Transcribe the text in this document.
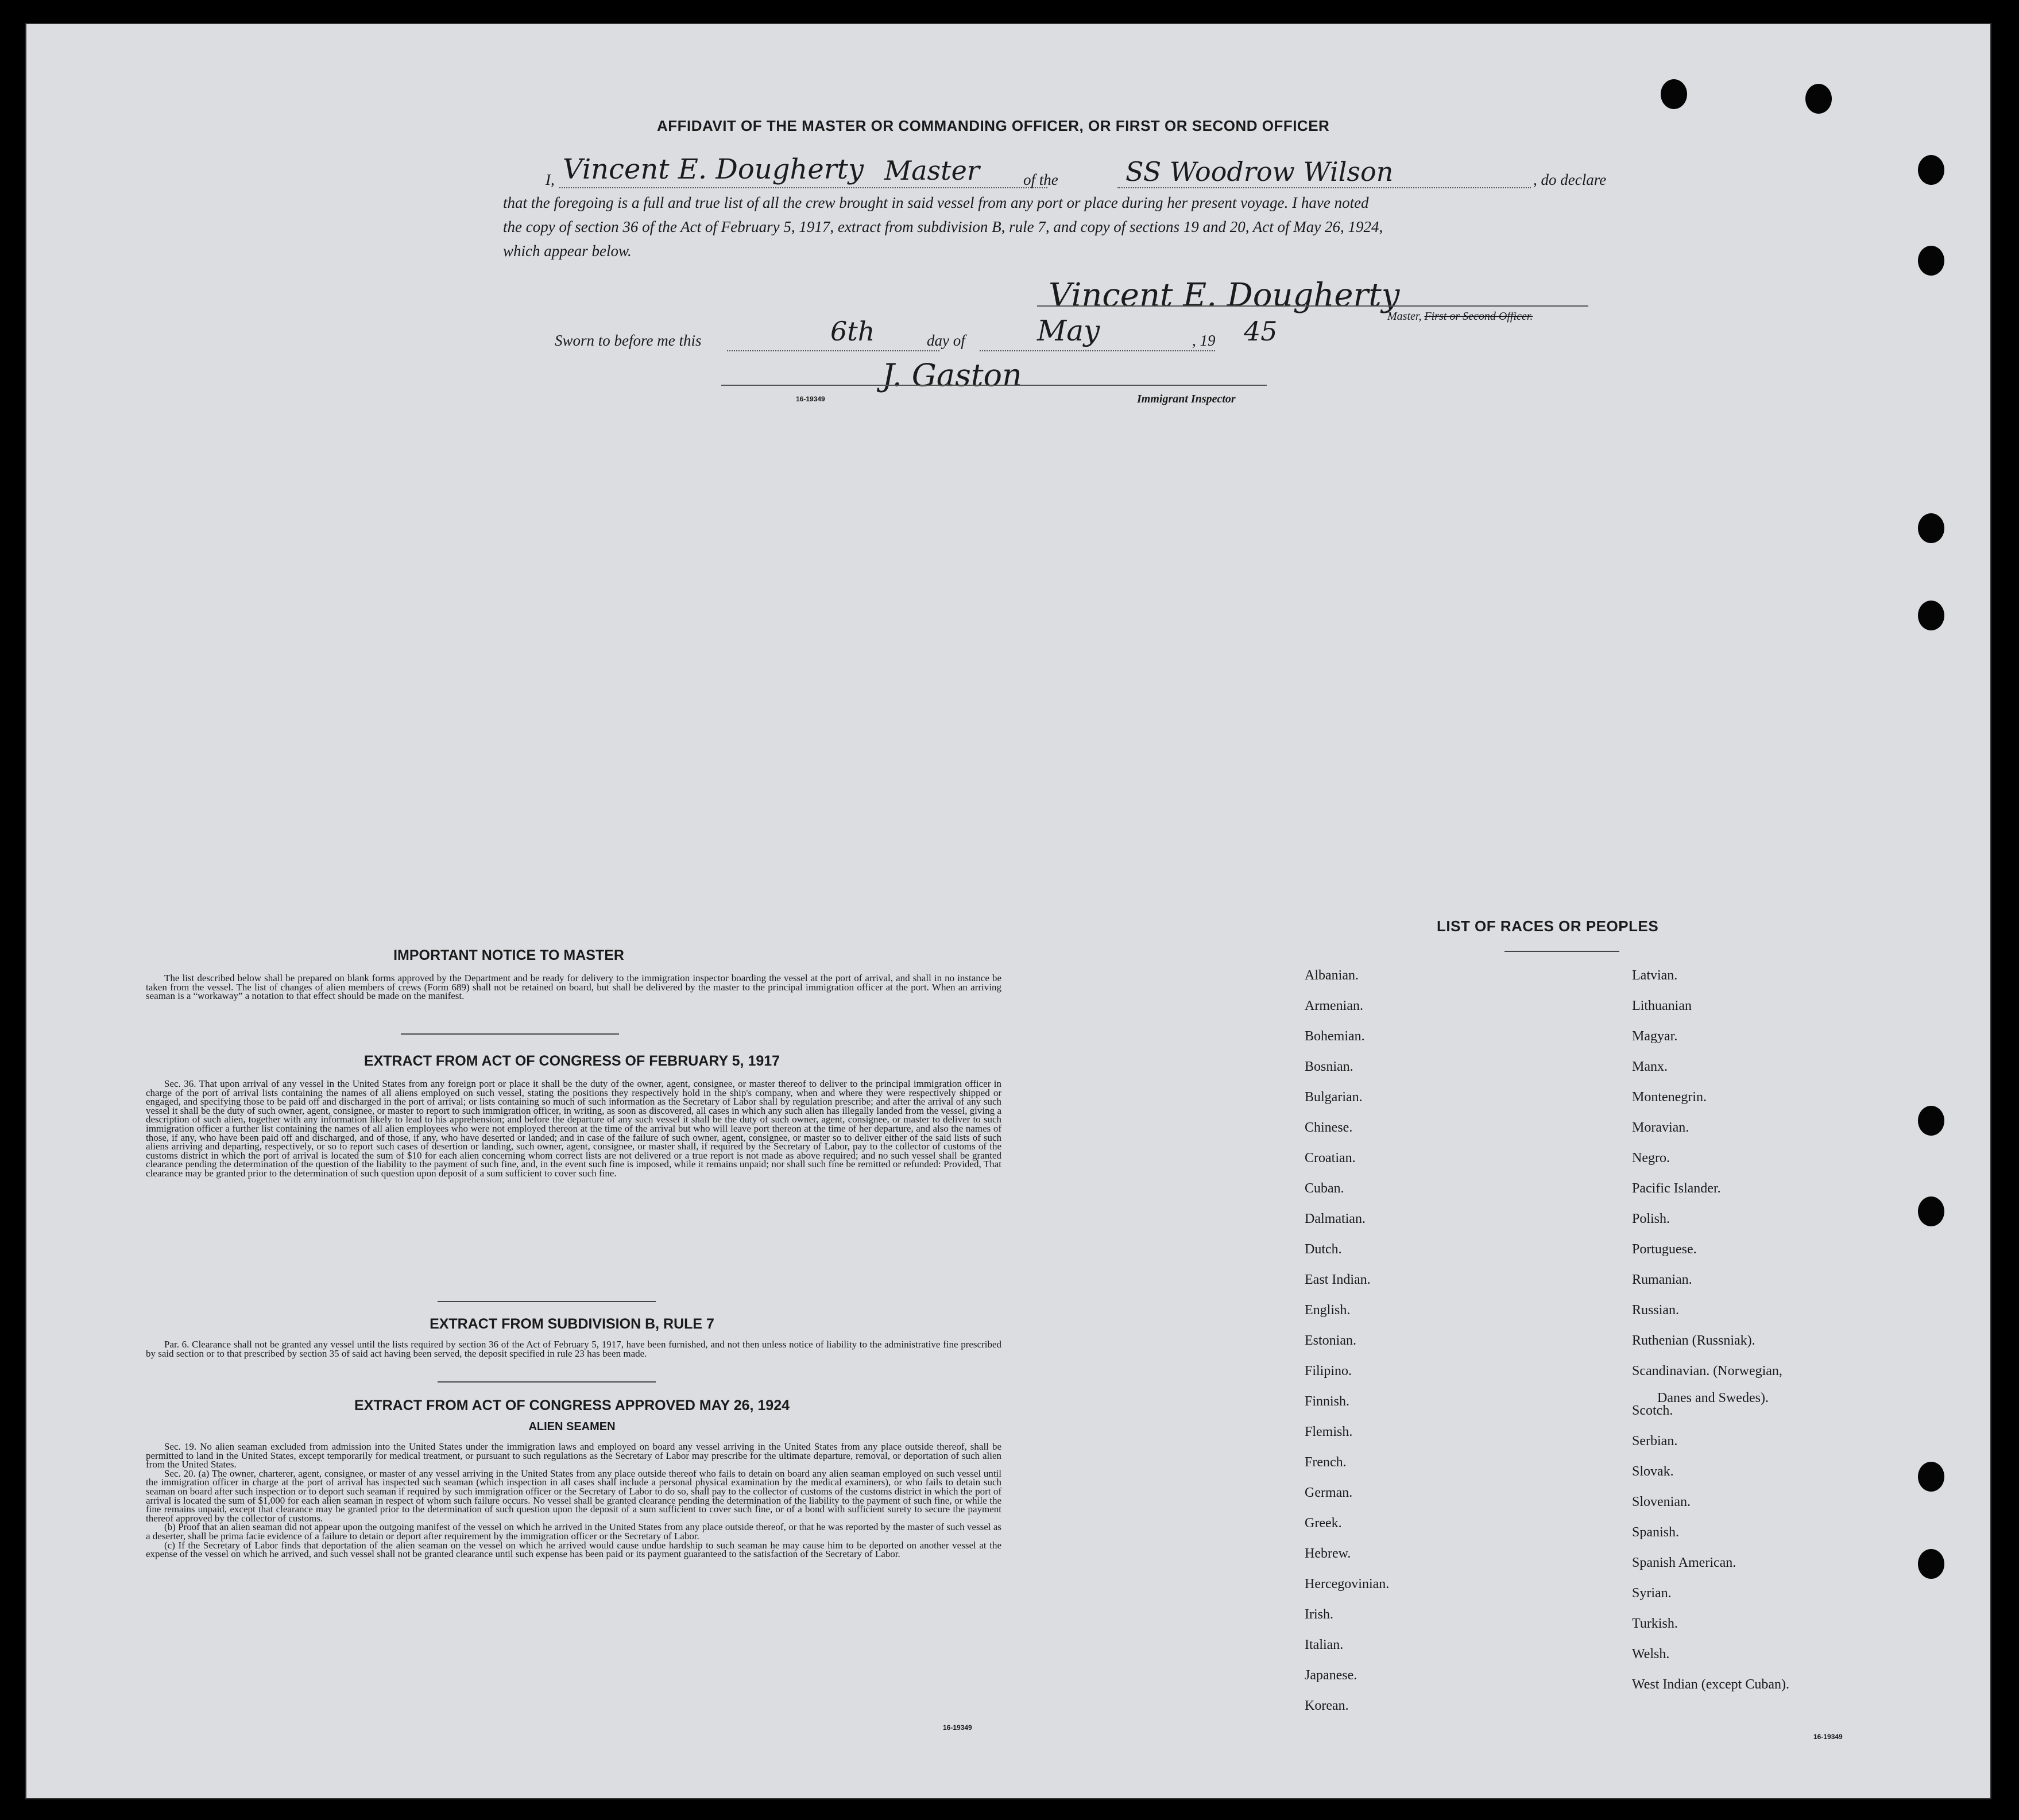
AFFIDAVIT OF THE MASTER OR COMMANDING OFFICER, OR FIRST OR SECOND OFFICER
I, Vincent E. Dougherty Master	of the	SS Woodrow Wilson	, do declare
that the foregoing is a full and true list of all the crew brought in said vessel from any port or place during her present voyage. I have noted
the copy of section 36 of the Act of February 5, 1917, extract from subdivision B, rule 7, and copy of sections 19 and 20, Act of May 26, 1924,
which appear below.
Vincent E. Dougherty
Master, First or Second Officer.
Sworn to before me this	6th	day of	May	, 19 45
J. Gaston
16-19349	Immigrant Inspector
IMPORTANT NOTICE TO MASTER

The list described below shall be prepared on blank forms approved by the Department and be ready for delivery to the immigration inspector boarding the vessel at the port of arrival, and shall in no instance be taken from the vessel. The list of changes of alien members of crews (Form 689) shall not be retained on board, but shall be delivered by the master to the principal immigration officer at the port. When an arriving seaman is a “workaway” a notation to that effect should be made on the manifest.

EXTRACT FROM ACT OF CONGRESS OF FEBRUARY 5, 1917

Sec. 36. That upon arrival of any vessel in the United States from any foreign port or place it shall be the duty of the owner, agent, consignee, or master thereof to deliver to the principal immigration officer in charge of the port of arrival lists containing the names of all aliens employed on such vessel, stating the positions they respectively hold in the ship's company, when and where they were respectively shipped or engaged, and specifying those to be paid off and discharged in the port of arrival; or lists containing so much of such information as the Secretary of Labor shall by regulation prescribe; and after the arrival of any such vessel it shall be the duty of such owner, agent, consignee, or master to report to such immigration officer, in writing, as soon as discovered, all cases in which any such alien has illegally landed from the vessel, giving a description of such alien, together with any information likely to lead to his apprehension; and before the departure of any such vessel it shall be the duty of such owner, agent, consignee, or master to deliver to such immigration officer a further list containing the names of all alien employees who were not employed thereon at the time of the arrival but who will leave port thereon at the time of her departure, and also the names of those, if any, who have been paid off and discharged, and of those, if any, who have deserted or landed; and in case of the failure of such owner, agent, consignee, or master so to deliver either of the said lists of such aliens arriving and departing, respectively, or so to report such cases of desertion or landing, such owner, agent, consignee, or master shall, if required by the Secretary of Labor, pay to the collector of customs of the customs district in which the port of arrival is located the sum of $10 for each alien concerning whom correct lists are not delivered or a true report is not made as above required; and no such vessel shall be granted clearance pending the determination of the question of the liability to the payment of such fine, and, in the event such fine is imposed, while it remains unpaid; nor shall such fine be remitted or refunded: Provided, That clearance may be granted prior to the determination of such question upon deposit of a sum sufficient to cover such fine.

EXTRACT FROM SUBDIVISION B, RULE 7

Par. 6. Clearance shall not be granted any vessel until the lists required by section 36 of the Act of February 5, 1917, have been furnished, and not then unless notice of liability to the administrative fine prescribed by said section or to that prescribed by section 35 of said act having been served, the deposit specified in rule 23 has been made.

EXTRACT FROM ACT OF CONGRESS APPROVED MAY 26, 1924
ALIEN SEAMEN

Sec. 19. No alien seaman excluded from admission into the United States under the immigration laws and employed on board any vessel arriving in the United States from any place outside thereof, shall be permitted to land in the United States, except temporarily for medical treatment, or pursuant to such regulations as the Secretary of Labor may prescribe for the ultimate departure, removal, or deportation of such alien from the United States.

Sec. 20. (a) The owner, charterer, agent, consignee, or master of any vessel arriving in the United States from any place outside thereof who fails to detain on board any alien seaman employed on such vessel until the immigration officer in charge at the port of arrival has inspected such seaman (which inspection in all cases shall include a personal physical examination by the medical examiners), or who fails to detain such seaman on board after such inspection or to deport such seaman if required by such immigration officer or the Secretary of Labor to do so, shall pay to the collector of customs of the customs district in which the port of arrival is located the sum of $1,000 for each alien seaman in respect of whom such failure occurs. No vessel shall be granted clearance pending the determination of the liability to the payment of such fine, or while the fine remains unpaid, except that clearance may be granted prior to the determination of such question upon the deposit of a sum sufficient to cover such fine, or of a bond with sufficient surety to secure the payment thereof approved by the collector of customs.

(b) Proof that an alien seaman did not appear upon the outgoing manifest of the vessel on which he arrived in the United States from any place outside thereof, or that he was reported by the master of such vessel as a deserter, shall be prima facie evidence of a failure to detain or deport after requirement by the immigration officer or the Secretary of Labor.

(c) If the Secretary of Labor finds that deportation of the alien seaman on the vessel on which he arrived would cause undue hardship to such seaman he may cause him to be deported on another vessel at the expense of the vessel on which he arrived, and such vessel shall not be granted clearance until such expense has been paid or its payment guaranteed to the satisfaction of the Secretary of Labor.

16-19349
LIST OF RACES OR PEOPLES
Danes and Swedes).
16-19349
Albanian.
Armenian.
Bohemian.
Bosnian.
Bulgarian.
Chinese.
Croatian.
Cuban.
Dalmatian.
Dutch.
East Indian.
English.
Estonian.
Filipino.
Finnish.
Flemish.
French.
German.
Greek.
Hebrew.
Hercegovinian.
Irish.
Italian.
Japanese.
Korean.
Latvian.
Lithuanian
Magyar.
Manx.
Montenegrin.
Moravian.
Negro.
Pacific Islander.
Polish.
Portuguese.
Rumanian.
Russian.
Ruthenian (Russniak).
Scandinavian. (Norwegian,
Scotch.
Serbian.
Slovak.
Slovenian.
Spanish.
Spanish American.
Syrian.
Turkish.
Welsh.
West Indian (except Cuban).
